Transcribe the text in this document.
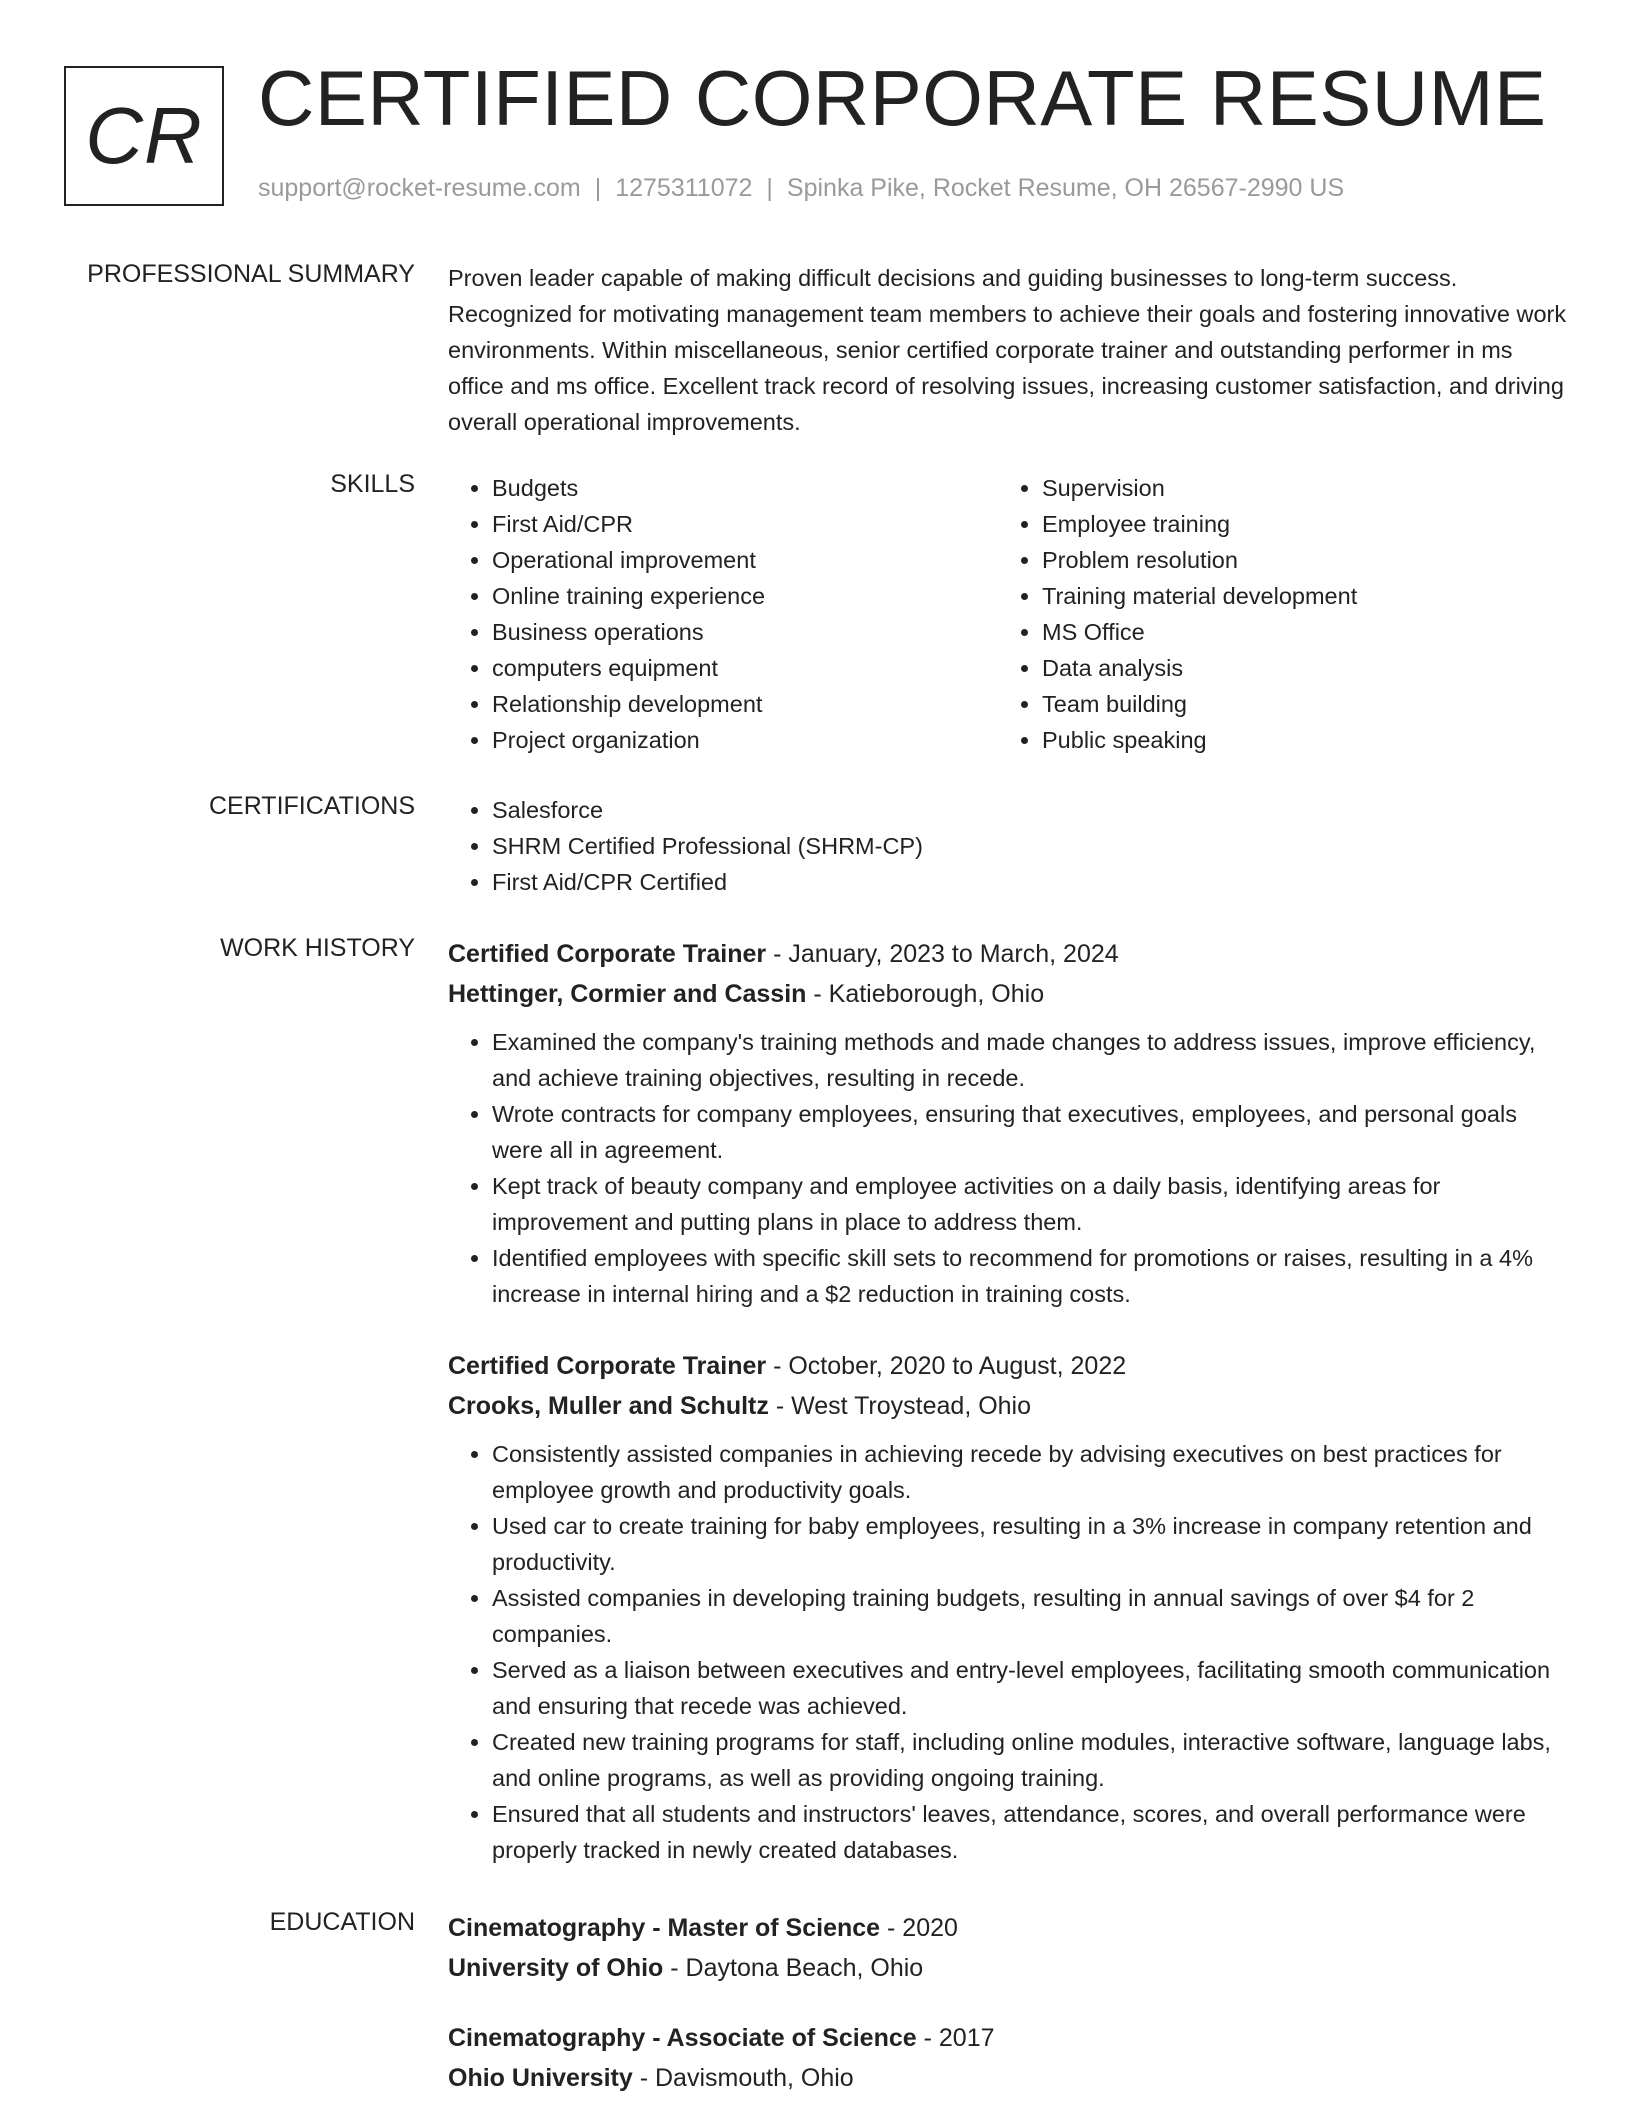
CR CERTIFIED CORPORATE RESUME
support@rocket-resume.com | 1275311072 | Spinka Pike, Rocket Resume, OH 26567-2990 US
PROFESSIONAL SUMMARY Proven leader capable of making difficult decisions and guiding businesses to long-term success. Recognized for motivating management team members to achieve their goals and fostering innovative work environments. Within miscellaneous, senior certified corporate trainer and outstanding performer in ms office and ms office. Excellent track record of resolving issues, increasing customer satisfaction, and driving overall operational improvements.

SKILLS	• Budgets
• First Aid/CPR
• Operational improvement
• Online training experience
• Business operations
• computers equipment
• Relationship development
• Project organization
• Supervision
• Employee training
• Problem resolution
• Training material development
• MS Office
• Data analysis
• Team building
• Public speaking
CERTIFICATIONS	• Salesforce
• SHRM Certified Professional (SHRM-CP)
• First Aid/CPR Certified
WORK HISTORY Certified Corporate Trainer - January, 2023 to March, 2024
Hettinger, Cormier and Cassin - Katieborough, Ohio
• Examined the company's training methods and made changes to address issues, improve efficiency, and achieve training objectives, resulting in recede.
• Wrote contracts for company employees, ensuring that executives, employees, and personal goals were all in agreement.
• Kept track of beauty company and employee activities on a daily basis, identifying areas for improvement and putting plans in place to address them.
• Identified employees with specific skill sets to recommend for promotions or raises, resulting in a 4% increase in internal hiring and a $2 reduction in training costs.
Certified Corporate Trainer - October, 2020 to August, 2022
Crooks, Muller and Schultz - West Troystead, Ohio
• Consistently assisted companies in achieving recede by advising executives on best practices for employee growth and productivity goals.
• Used car to create training for baby employees, resulting in a 3% increase in company retention and productivity.
• Assisted companies in developing training budgets, resulting in annual savings of over $4 for 2 companies.
• Served as a liaison between executives and entry-level employees, facilitating smooth communication and ensuring that recede was achieved.
• Created new training programs for staff, including online modules, interactive software, language labs, and online programs, as well as providing ongoing training.
• Ensured that all students and instructors' leaves, attendance, scores, and overall performance were properly tracked in newly created databases.
EDUCATION Cinematography - Master of Science - 2020
University of Ohio - Daytona Beach, Ohio
Cinematography - Associate of Science - 2017
Ohio University - Davismouth, Ohio
